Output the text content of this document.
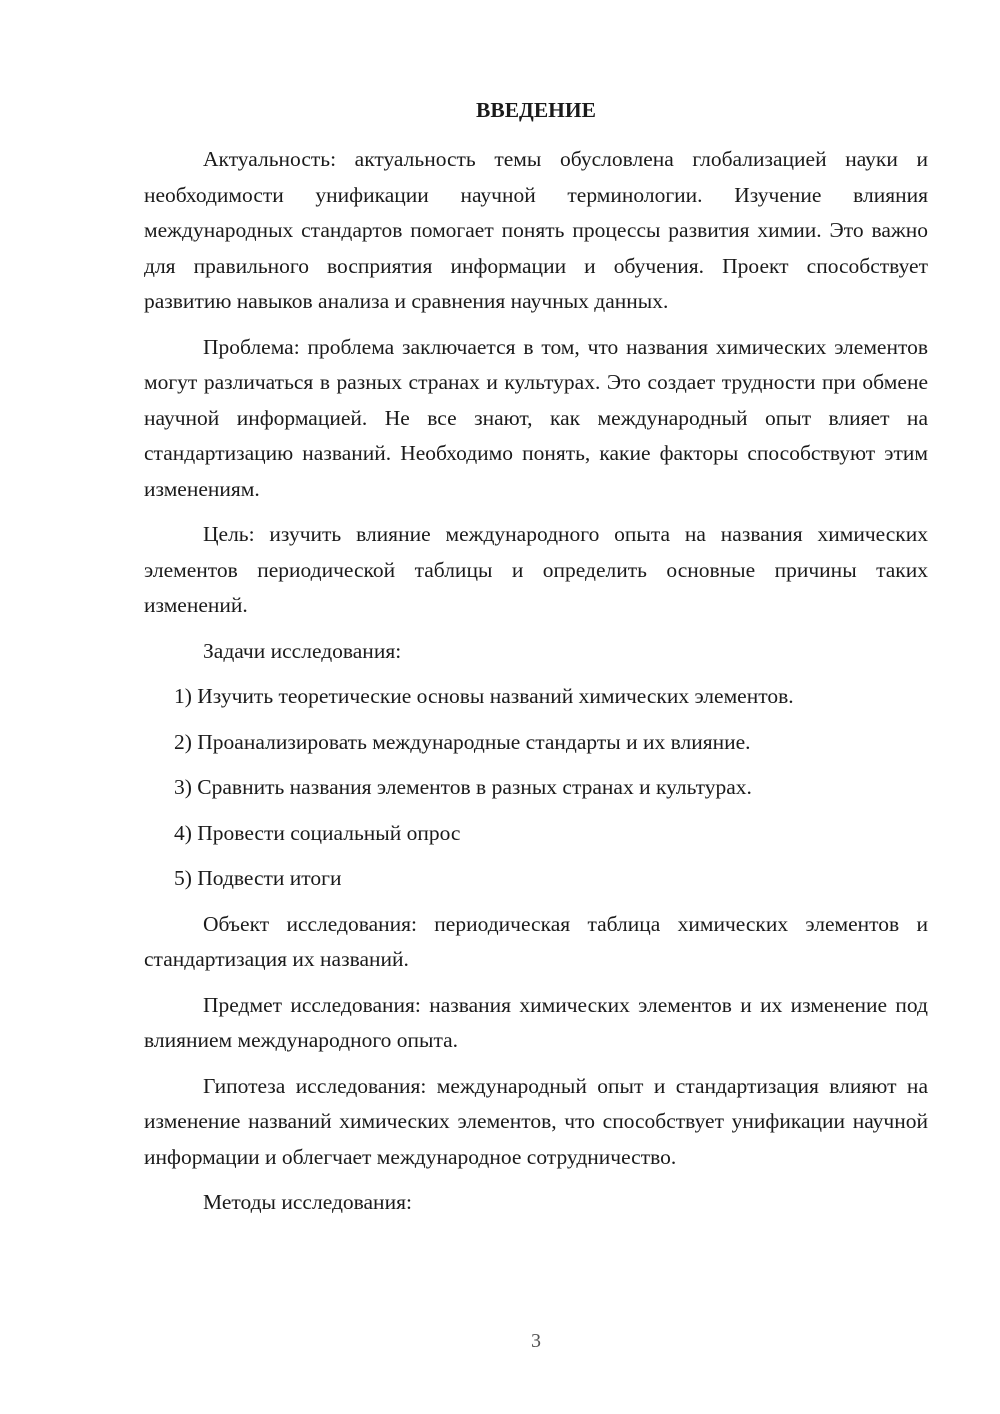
ВВЕДЕНИЕ

Актуальность: актуальность темы обусловлена глобализацией науки и необходимости унификации научной терминологии. Изучение влияния международных стандартов помогает понять процессы развития химии. Это важно для правильного восприятия информации и обучения. Проект способствует развитию навыков анализа и сравнения научных данных.

Проблема: проблема заключается в том, что названия химических элементов могут различаться в разных странах и культурах. Это создает трудности при обмене научной информацией. Не все знают, как международный опыт влияет на стандартизацию названий. Необходимо понять, какие факторы способствуют этим изменениям.

Цель: изучить влияние международного опыта на названия химических элементов периодической таблицы и определить основные причины таких изменений.

Задачи исследования:

1) Изучить теоретические основы названий химических элементов.
2) Проанализировать международные стандарты и их влияние.
3) Сравнить названия элементов в разных странах и культурах.
4) Провести социальный опрос
5) Подвести итоги

Объект исследования: периодическая таблица химических элементов и стандартизация их названий.

Предмет исследования: названия химических элементов и их изменение под влиянием международного опыта.

Гипотеза исследования: международный опыт и стандартизация влияют на изменение названий химических элементов, что способствует унификации научной информации и облегчает международное сотрудничество.

Методы исследования:

3
